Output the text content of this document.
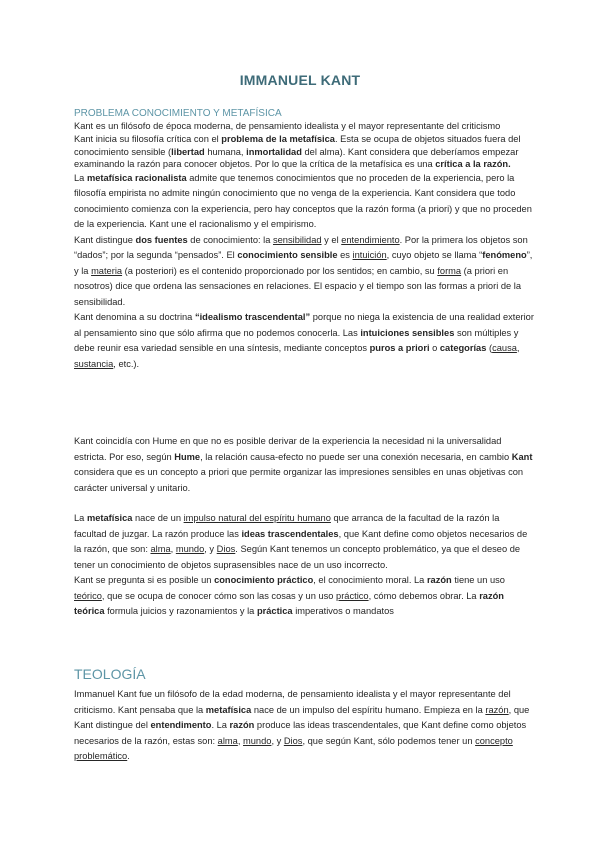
IMMANUEL KANT
PROBLEMA CONOCIMIENTO Y METAFÍSICA
Kant es un filósofo de época moderna, de pensamiento idealista y el mayor representante del criticismo
Kant inicia su filosofía crítica con el problema de la metafísica. Esta se ocupa de objetos situados fuera del conocimiento sensible (libertad humana, inmortalidad del alma). Kant considera que deberíamos empezar examinando la razón para conocer objetos. Por lo que la crítica de la metafísica es una crítica a la razón.
La metafísica racionalista admite que tenemos conocimientos que no proceden de la experiencia, pero la filosofía empirista no admite ningún conocimiento que no venga de la experiencia. Kant considera que todo conocimiento comienza con la experiencia, pero hay conceptos que la razón forma (a priori) y que no proceden de la experiencia. Kant une el racionalismo y el empirismo.
Kant distingue dos fuentes de conocimiento: la sensibilidad y el entendimiento. Por la primera los objetos son “dados”; por la segunda “pensados”. El conocimiento sensible es intuición, cuyo objeto se llama “fenómeno”, y la materia (a posteriori) es el contenido proporcionado por los sentidos; en cambio, su forma (a priori en nosotros) dice que ordena las sensaciones en relaciones. El espacio y el tiempo son las formas a priori de la sensibilidad.
Kant denomina a su doctrina “idealismo trascendental” porque no niega la existencia de una realidad exterior al pensamiento sino que sólo afirma que no podemos conocerla. Las intuiciones sensibles son múltiples y debe reunir esa variedad sensible en una síntesis, mediante conceptos puros a priori o categorías (causa, sustancia, etc.).
Kant coincidía con Hume en que no es posible derivar de la experiencia la necesidad ni la universalidad estricta. Por eso, según Hume, la relación causa-efecto no puede ser una conexión necesaria, en cambio Kant considera que es un concepto a priori que permite organizar las impresiones sensibles en unas objetivas con carácter universal y unitario.
La metafísica nace de un impulso natural del espíritu humano que arranca de la facultad de la razón la facultad de juzgar. La razón produce las ideas trascendentales, que Kant define como objetos necesarios de la razón, que son: alma, mundo, y Dios. Según Kant tenemos un concepto problemático, ya que el deseo de tener un conocimiento de objetos suprasensibles nace de un uso incorrecto.
Kant se pregunta si es posible un conocimiento práctico, el conocimiento moral. La razón tiene un uso teórico, que se ocupa de conocer cómo son las cosas y un uso práctico, cómo debemos obrar. La razón teórica formula juicios y razonamientos y la práctica imperativos o mandatos
TEOLOGÍA
Immanuel Kant fue un filósofo de la edad moderna, de pensamiento idealista y el mayor representante del criticismo. Kant pensaba que la metafísica nace de un impulso del espíritu humano. Empieza en la razón, que Kant distingue del entendimento. La razón produce las ideas trascendentales, que Kant define como objetos necesarios de la razón, estas son: alma, mundo, y Dios, que según Kant, sólo podemos tener un concepto problemático.
